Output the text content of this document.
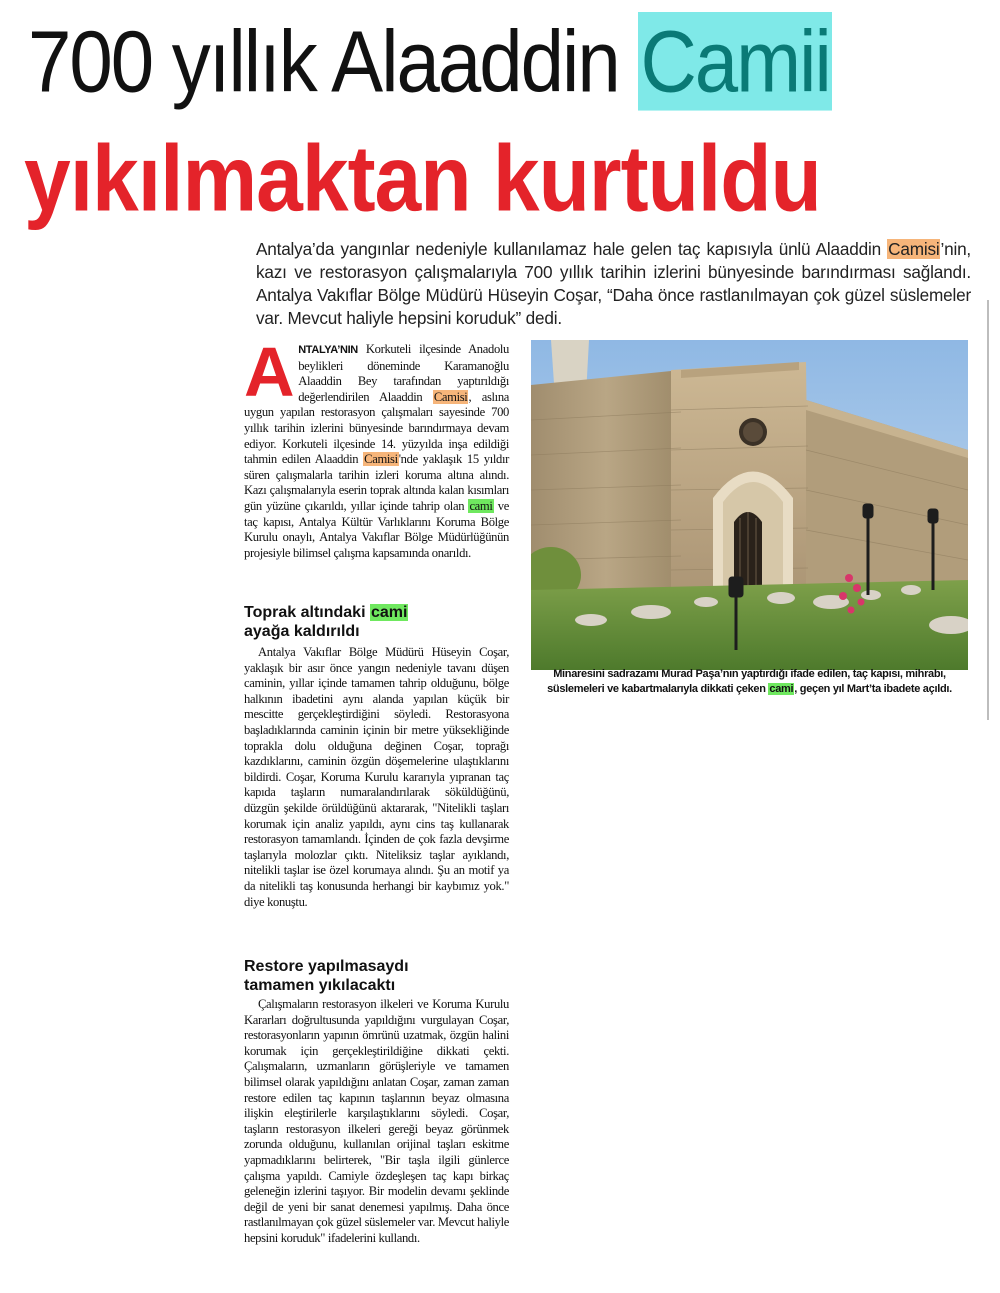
700 yıllık Alaaddin Camii
yıkılmaktan kurtuldu
Antalya’da yangınlar nedeniyle kullanılamaz hale gelen taç kapısıyla ünlü Alaaddin Camisi’nin, kazı ve restorasyon çalışmalarıyla 700 yıllık tarihin izlerini bünyesinde barındırması sağlandı. Antalya Vakıflar Bölge Müdürü Hüseyin Coşar, “Daha önce rastlanılmayan çok güzel süslemeler var. Mevcut haliyle hepsini koruduk” dedi.
ANTALYA’NIN Korkuteli ilçesinde Anadolu beylikleri döneminde Karamanoğlu Alaaddin Bey tarafından yaptırıldığı değerlendirilen Alaaddin Camisi, aslına uygun yapılan restorasyon çalışmaları sayesinde 700 yıllık tarihin izlerini bünyesinde barındırmaya devam ediyor. Korkuteli ilçesinde 14. yüzyılda inşa edildiği tahmin edilen Alaaddin Camisi'nde yaklaşık 15 yıldır süren çalışmalarla tarihin izleri koruma altına alındı. Kazı çalışmalarıyla eserin toprak altında kalan kısımları gün yüzüne çıkarıldı, yıllar içinde tahrip olan cami ve taç kapısı, Antalya Kültür Varlıklarını Koruma Bölge Kurulu onaylı, Antalya Vakıflar Bölge Müdürlüğünün projesiyle bilimsel çalışma kapsamında onarıldı.
Toprak altındaki cami
ayağa kaldırıldı
Antalya Vakıflar Bölge Müdürü Hüseyin Coşar, yaklaşık bir asır önce yangın nedeniyle tavanı düşen caminin, yıllar içinde tamamen tahrip olduğunu, bölge halkının ibadetini aynı alanda yapılan küçük bir mescitte gerçekleştirdiğini söyledi. Restorasyona başladıklarında caminin içinin bir metre yüksekliğinde toprakla dolu olduğuna değinen Coşar, toprağı kazdıklarını, caminin özgün döşemelerine ulaştıklarını bildirdi. Coşar, Koruma Kurulu kararıyla yıpranan taç kapıda taşların numaralandırılarak söküldüğünü, düzgün şekilde örüldüğünü aktararak, "Nitelikli taşları korumak için analiz yapıldı, aynı cins taş kullanarak restorasyon tamamlandı. İçinden de çok fazla devşirme taşlarıyla molozlar çıktı. Niteliksiz taşlar ayıklandı, nitelikli taşlar ise özel korumaya alındı. Şu an motif ya da nitelikli taş konusunda herhangi bir kaybımız yok." diye konuştu.
Restore yapılmasaydı
tamamen yıkılacaktı
Çalışmaların restorasyon ilkeleri ve Koruma Kurulu Kararları doğrultusunda yapıldığını vurgulayan Coşar, restorasyonların yapının ömrünü uzatmak, özgün halini korumak için gerçekleştirildiğine dikkati çekti. Çalışmaların, uzmanların görüşleriyle ve tamamen bilimsel olarak yapıldığını anlatan Coşar, zaman zaman restore edilen taç kapının taşlarının beyaz olmasına ilişkin eleştirilerle karşılaştıklarını söyledi. Coşar, taşların restorasyon ilkeleri gereği beyaz görünmek zorunda olduğunu, kullanılan orijinal taşları eskitme yapmadıklarını belirterek, "Bir taşla ilgili günlerce çalışma yapıldı. Camiyle özdeşleşen taç kapı birkaç geleneğin izlerini taşıyor. Bir modelin devamı şeklinde değil de yeni bir sanat denemesi yapılmış. Daha önce rastlanılmayan çok güzel süslemeler var. Mevcut haliyle hepsini koruduk" ifadelerini kullandı.
Minaresini sadrazamı Murad Paşa’nın yaptırdığı ifade edilen, taç kapısı, mihrabı, süslemeleri ve kabartmalarıyla dikkati çeken cami, geçen yıl Mart’ta ibadete açıldı.
